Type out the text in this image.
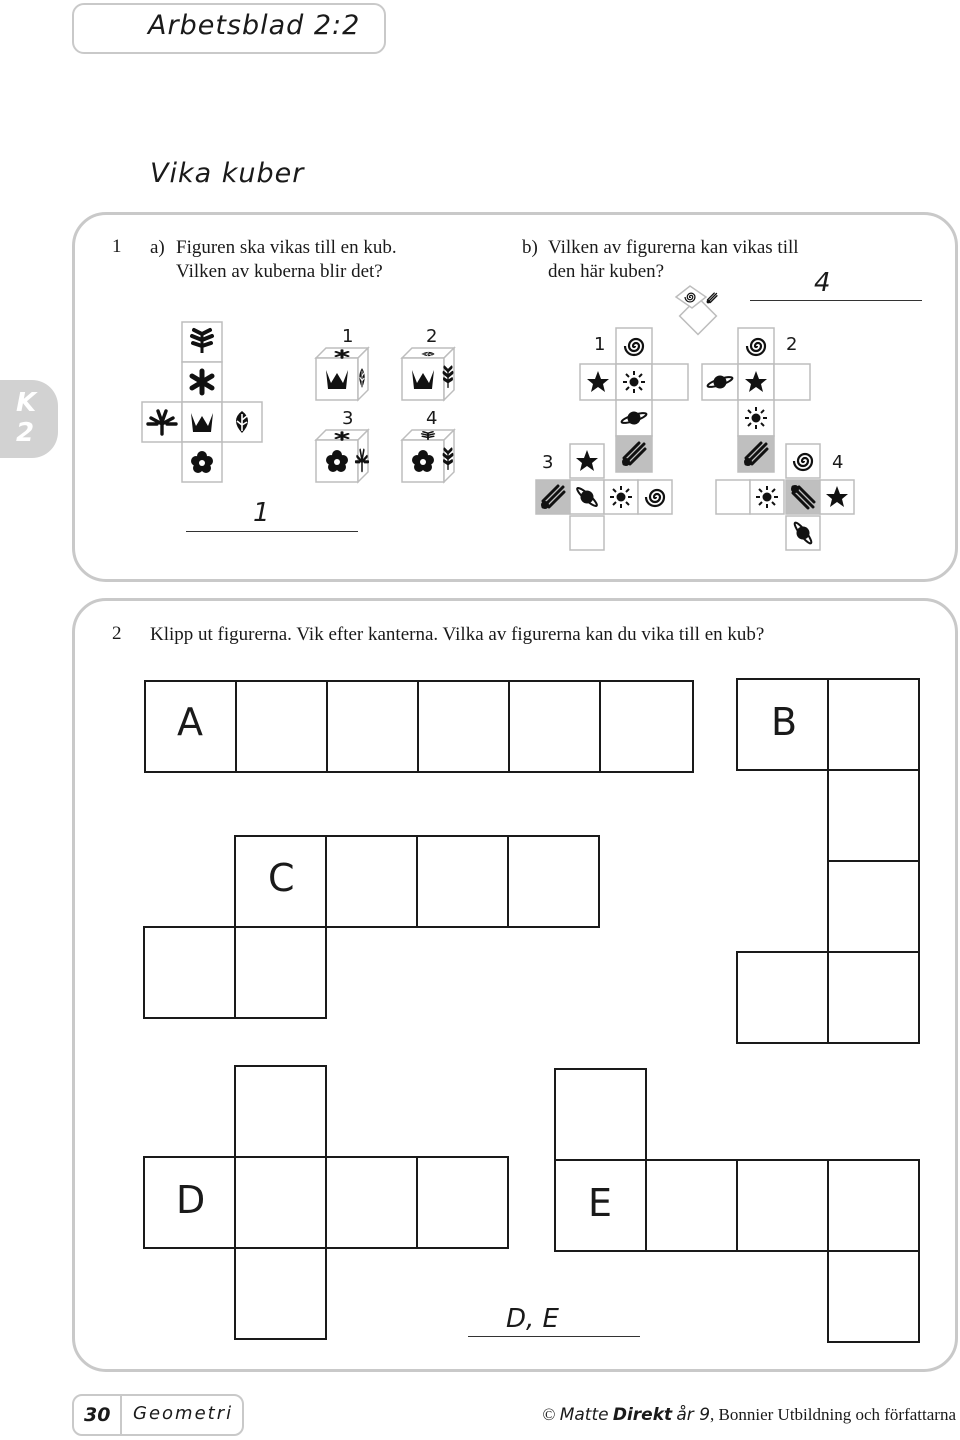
Arbetsblad 2:2
Vika kuber
K
2
1 a) Figuren ska vikas till en kub.
Vilken av kuberna blir det?
b) Vilken av figurerna kan vikas till
den här kuben?
1	2
3	4
1
1	2
3	4
4
2 Klipp ut figurerna. Vik efter kanterna. Vilka av figurerna kan du vika till en kub?
A	B
C
D	E
D, E
30 Geometri	© Matte Direkt år 9, Bonnier Utbildning och författarna
